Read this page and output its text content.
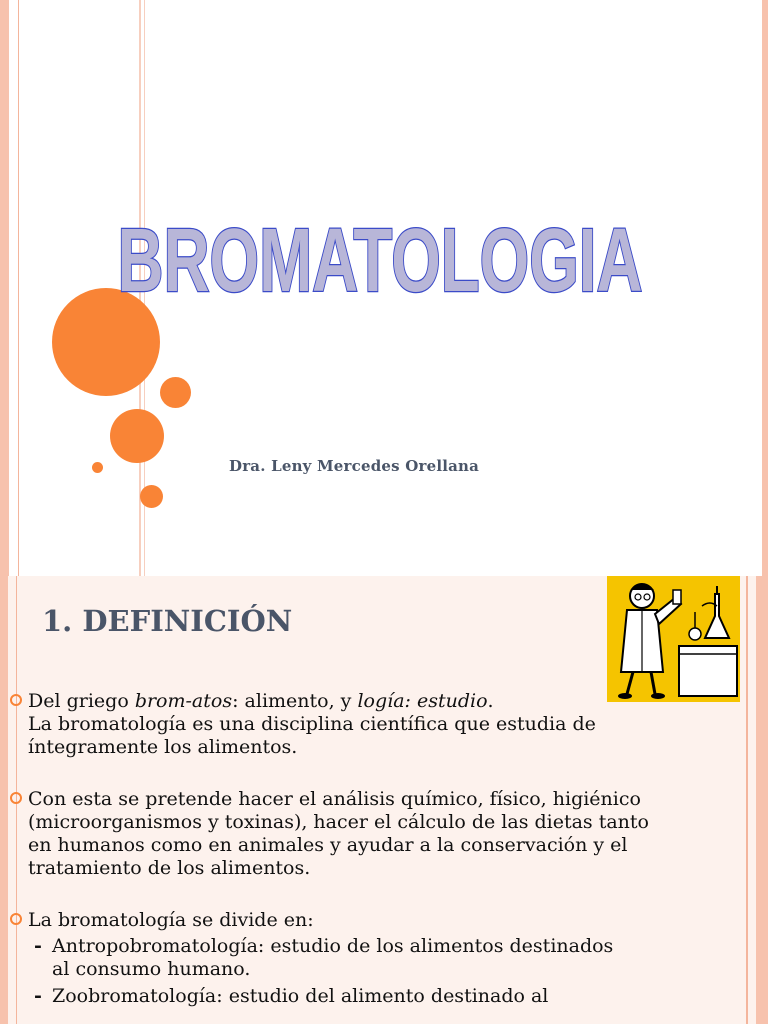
BROMATOLOGIA
Dra. Leny Mercedes Orellana
1. DEFINICIÓN
Del griego brom-atos: alimento, y logía: estudio.
La bromatología es una disciplina científica que estudia de
íntegramente los alimentos.
Con esta se pretende hacer el análisis químico, físico, higiénico
(microorganismos y toxinas), hacer el cálculo de las dietas tanto
en humanos como en animales y ayudar a la conservación y el
tratamiento de los alimentos.
La bromatología se divide en:
- Antropobromatología: estudio de los alimentos destinados
al consumo humano.
- Zoobromatología: estudio del alimento destinado al
